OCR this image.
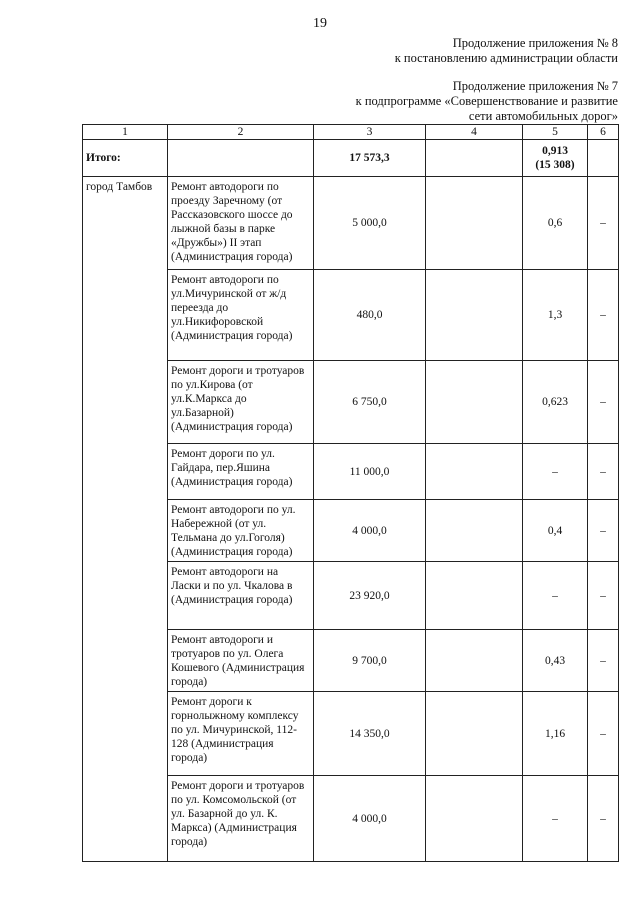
19
Продолжение приложения № 8
к постановлению администрации области
Продолжение приложения № 7
к подпрограмме «Совершенствование и развитие
сети автомобильных дорог»
1	2	3	4	5	6
Итого:		17 573,3		0,913
(15 308)	

город Тамбов	Ремонт автодороги по проезду Заречному (от Рассказовского шоссе до лыжной базы в парке «Дружбы») II этап (Администрация города)	5 000,0		0,6	–
	Ремонт автодороги по ул.Мичуринской от ж/д переезда до ул.Никифоровской (Администрация города)	480,0		1,3	–
	Ремонт дороги и тротуаров по ул.Кирова (от ул.К.Маркса до ул.Базарной) (Администрация города)	6 750,0		0,623	–
	Ремонт дороги по ул. Гайдара, пер.Яшина (Администрация города)	11 000,0		–	–
	Ремонт автодороги по ул. Набережной (от ул. Тельмана до ул.Гоголя) (Администрация города)	4 000,0		0,4	–
	Ремонт автодороги на Ласки и по ул. Чкалова в (Администрация города)	23 920,0		–	–
	Ремонт автодороги и тротуаров по ул. Олега Кошевого (Администрация города)	9 700,0		0,43	–
	Ремонт дороги к горнолыжному комплексу по ул. Мичуринской, 112-128 (Администрация города)	14 350,0		1,16	–
	Ремонт дороги и тротуаров по ул. Комсомольской (от ул. Базарной до ул. К. Маркса) (Администрация города)	4 000,0		–	–
